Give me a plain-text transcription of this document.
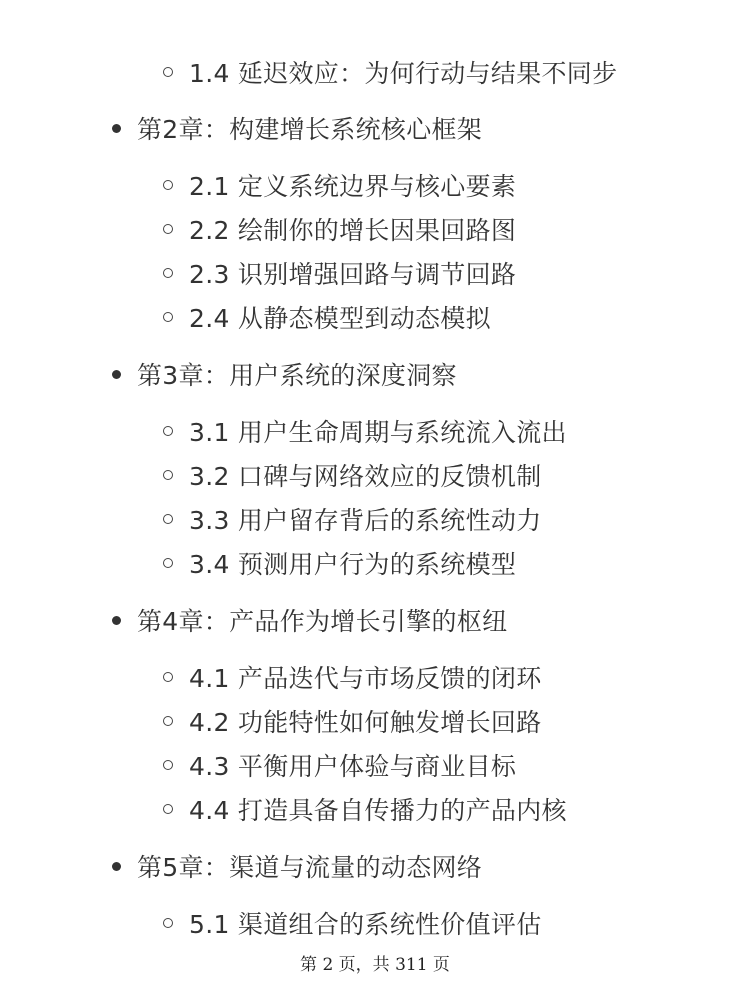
1.4 延迟效应：为何行动与结果不同步
第2章：构建增长系统核心框架
2.1 定义系统边界与核心要素
2.2 绘制你的增长因果回路图
2.3 识别增强回路与调节回路
2.4 从静态模型到动态模拟
第3章：用户系统的深度洞察
3.1 用户生命周期与系统流入流出
3.2 口碑与网络效应的反馈机制
3.3 用户留存背后的系统性动力
3.4 预测用户行为的系统模型
第4章：产品作为增长引擎的枢纽
4.1 产品迭代与市场反馈的闭环
4.2 功能特性如何触发增长回路
4.3 平衡用户体验与商业目标
4.4 打造具备自传播力的产品内核
第5章：渠道与流量的动态网络
5.1 渠道组合的系统性价值评估
第 2 页，共 311 页
